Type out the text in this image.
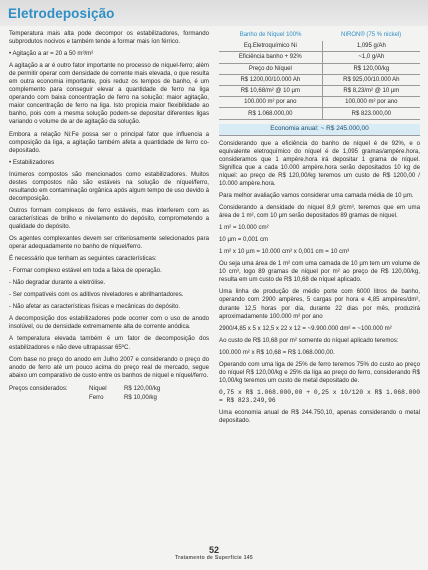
Eletrodeposição

Temperatura mais alta pode decompor os estabilizadores, formando subprodutos nocivos e também tende a formar mais íon férrico.

• Agitação a ar = 20 a 50 m³/m²

A agitação a ar é outro fator importante no processo de níquel-ferro; além de permitir operar com densidade de corrente mais elevada, o que resulta em outra economia importante, pois reduz os tempos de banho, é um complemento para conseguir elevar a quantidade de ferro na liga operando com baixa concentração de ferro na solução: maior agitação, maior concentração de ferro na liga. Isto propicia maior flexibilidade ao banho, pois com a mesma solução podem-se depositar diferentes ligas variando o volume de ar de agitação da solução.

Embora a relação Ni:Fe possa ser o principal fator que influencia a composição da liga, a agitação também afeta a quantidade de ferro co-depositado.

• Estabilizadores

Inúmeros compostos são mencionados como estabilizadores. Muitos destes compostos não são estáveis na solução de níquel/ferro, resultando em contaminação orgânica após algum tempo de uso devido à decomposição.

Outros formam complexos de ferro estáveis, mas interferem com as características de brilho e nivelamento do depósito, comprometendo a qualidade do depósito.

Os agentes complexantes devem ser criteriosamente selecionados para operar adequadamente no banho de níquel/ferro.

É necessário que tenham as seguintes características:

- Formar complexo estável em toda a faixa de operação.

- Não degradar durante a eletrólise.

- Ser compatíveis com os aditivos niveladores e abrilhantadores.

- Não afetar as características físicas e mecânicas do depósito.

A decomposição dos estabilizadores pode ocorrer com o uso de anodo insolúvel, ou de densidade extremamente alta de corrente anódica.

A temperatura elevada também é um fator de decomposição dos estabilizadores e não deve ultrapassar 65ºC.

Com base no preço do anodo em Julho 2007 e considerando o preço do anodo de ferro até um pouco acima do preço real de mercado, segue abaixo um comparativo de custo entre os banhos de níquel e níquel/ferro.

Preços considerados:	Níquel	R$ 120,00/kg
Ferro	R$ 10,00/kg
Banho de Níquel 100%	NIRON® (75 % nickel)
Eq.Eletroquímico Ni	1,095 g/Ah
Eficiência banho + 92%	~1,0 g/Ah
Preço do Níquel	R$ 120,00/kg
R$ 1200,00/10.000 Ah	R$ 925,00/10.000 Ah
R$ 10,68/m² @ 10 µm	R$ 8,23/m² @ 10 µm
100.000 m² por ano	100.000 m² por ano
R$ 1.068.000,00	R$ 823.000,00
Economia anual: ~ R$ 245.000,00

Considerando que a eficiência do banho de níquel é de 92%, e o equivalente eletroquímico do níquel é de 1,095 gramas/ampère.hora, consideramos que 1 ampère.hora irá depositar 1 grama de níquel. Significa que a cada 10.000 ampère.hora serão depositados 10 kg de níquel: ao preço de R$ 120,00/kg teremos um custo de R$ 1200,00 / 10.000 ampère.hora.

Para melhor avaliação vamos considerar uma camada média de 10 µm.

Considerando a densidade do níquel 8,9 g/cm³, teremos que em uma área de 1 m², com 10 µm serão depositados 89 gramas de níquel.

1 m² = 10.000 cm²

10 µm = 0,001 cm

1 m² x 10 µm = 10.000 cm² x 0,001 cm = 10 cm³

Ou seja uma área de 1 m² com uma camada de 10 µm tem um volume de 10 cm³, logo 89 gramas de níquel por m² ao preço de R$ 120,00/kg, resulta em um custo de R$ 10,68 de níquel aplicado.

Uma linha de produção de médio porte com 6000 litros de banho, operando com 2900 ampères, 5 cargas por hora e 4,85 ampères/dm², durante 12,5 horas por dia, durante 22 dias por mês, produzirá aproximadamente 100.000 m² por ano

2900/4,85 x 5 x 12,5 x 22 x 12 = ~9.900.000 dm² = ~100.000 m²

Ao custo de R$ 10,68 por m² somente do níquel aplicado teremos:

100.000 m² x R$ 10,68 = R$ 1.068.000,00.

Operando com uma liga de 25% de ferro teremos 75% do custo ao preço do níquel R$ 120,00/kg e 25% da liga ao preço do ferro, considerando R$ 10,00/kg teremos um custo de metal depositado de.

0,75 x R$ 1.068.000,00 + 0,25 x 10/120 x R$ 1.068.000 = R$ 823.249,96

Uma economia anual de R$ 244.750,10, apenas considerando o metal depositado.

52
Tratamento de Superfície 145
